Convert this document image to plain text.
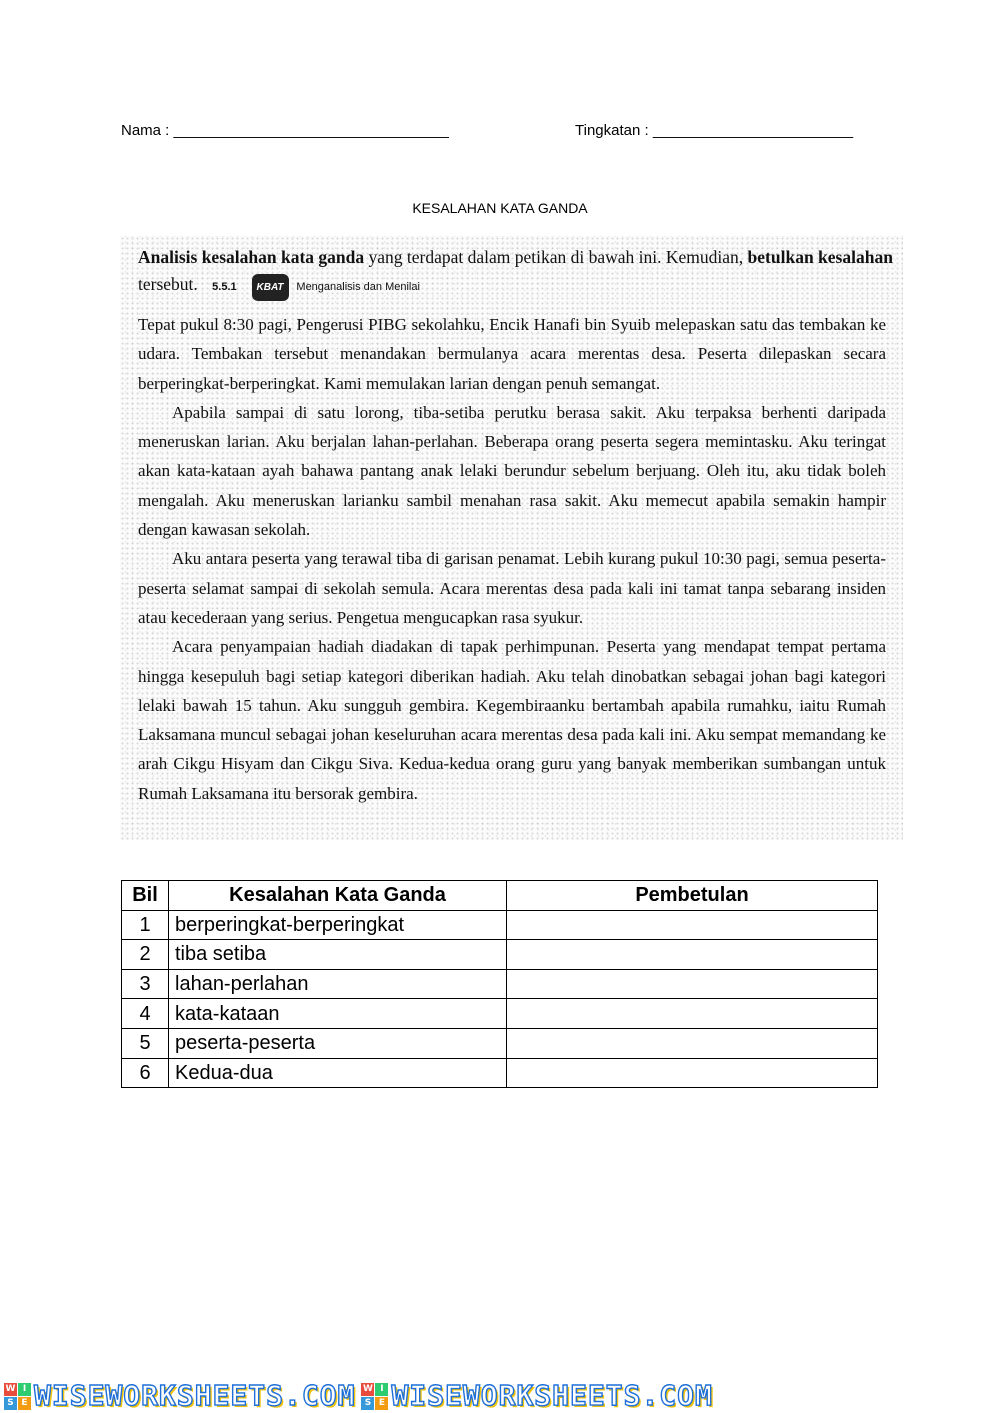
Nama : _________________________________	Tingkatan : ________________________
KESALAHAN KATA GANDA
Analisis kesalahan kata ganda yang terdapat dalam petikan di bawah ini. Kemudian, betulkan kesalahan
tersebut. 5.5.1 KBAT Menganalisis dan Menilai

Tepat pukul 8:30 pagi, Pengerusi PIBG sekolahku, Encik Hanafi bin Syuib melepaskan satu das tembakan ke udara. Tembakan tersebut menandakan bermulanya acara merentas desa. Peserta dilepaskan secara berperingkat-berperingkat. Kami memulakan larian dengan penuh semangat.

Apabila sampai di satu lorong, tiba-setiba perutku berasa sakit. Aku terpaksa berhenti daripada meneruskan larian. Aku berjalan lahan-perlahan. Beberapa orang peserta segera memintasku. Aku teringat akan kata-kataan ayah bahawa pantang anak lelaki berundur sebelum berjuang. Oleh itu, aku tidak boleh mengalah. Aku meneruskan larianku sambil menahan rasa sakit. Aku memecut apabila semakin hampir dengan kawasan sekolah.

Aku antara peserta yang terawal tiba di garisan penamat. Lebih kurang pukul 10:30 pagi, semua peserta-peserta selamat sampai di sekolah semula. Acara merentas desa pada kali ini tamat tanpa sebarang insiden atau kecederaan yang serius. Pengetua mengucapkan rasa syukur.

Acara penyampaian hadiah diadakan di tapak perhimpunan. Peserta yang mendapat tempat pertama hingga kesepuluh bagi setiap kategori diberikan hadiah. Aku telah dinobatkan sebagai johan bagi kategori lelaki bawah 15 tahun. Aku sungguh gembira. Kegembiraanku bertambah apabila rumahku, iaitu Rumah Laksamana muncul sebagai johan keseluruhan acara merentas desa pada kali ini. Aku sempat memandang ke arah Cikgu Hisyam dan Cikgu Siva. Kedua-kedua orang guru yang banyak memberikan sumbangan untuk Rumah Laksamana itu bersorak gembira.

Bil	Kesalahan Kata Ganda	Pembetulan
1	berperingkat-berperingkat	
2	tiba setiba	
3	lahan-perlahan	
4	kata-kataan	
5	peserta-peserta	
6	Kedua-dua	
W I
S E WISEWORKSHEETS.COM W I
S E WISEWORKSHEETS.COM
